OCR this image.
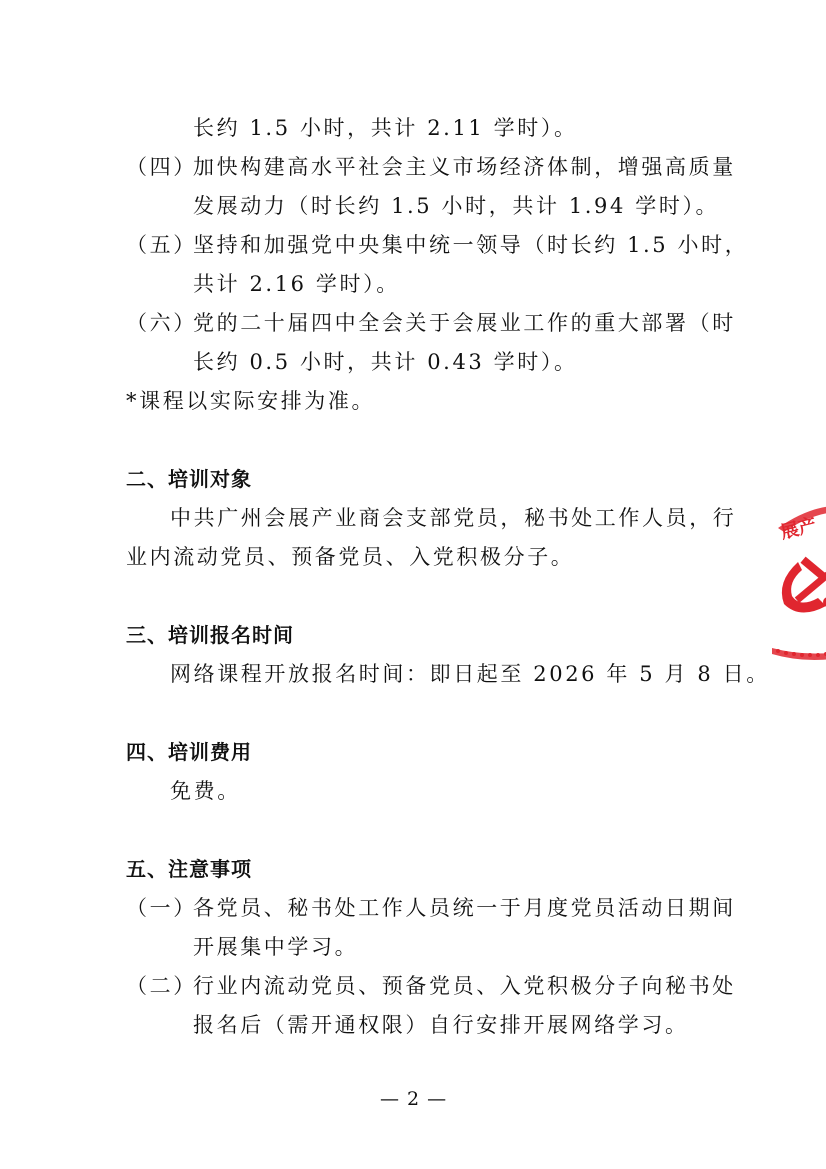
长约 1.5 小时，共计 2.11 学时）。
（四）
加快构建高水平社会主义市场经济体制，增强高质量
发展动力（时长约 1.5 小时，共计 1.94 学时）。
（五）
坚持和加强党中央集中统一领导（时长约 1.5 小时，
共计 2.16 学时）。
（六）
党的二十届四中全会关于会展业工作的重大部署（时
长约 0.5 小时，共计 0.43 学时）。
*课程以实际安排为准。
二、培训对象
中共广州会展产业商会支部党员，秘书处工作人员，行
业内流动党员、预备党员、入党积极分子。
三、培训报名时间
网络课程开放报名时间：即日起至 2026 年 5 月 8 日。
四、培训费用
免费。
五、注意事项
（一）
各党员、秘书处工作人员统一于月度党员活动日期间
开展集中学习。
（二）
行业内流动党员、预备党员、入党积极分子向秘书处
报名后（需开通权限）自行安排开展网络学习。
— 2 —
展产
